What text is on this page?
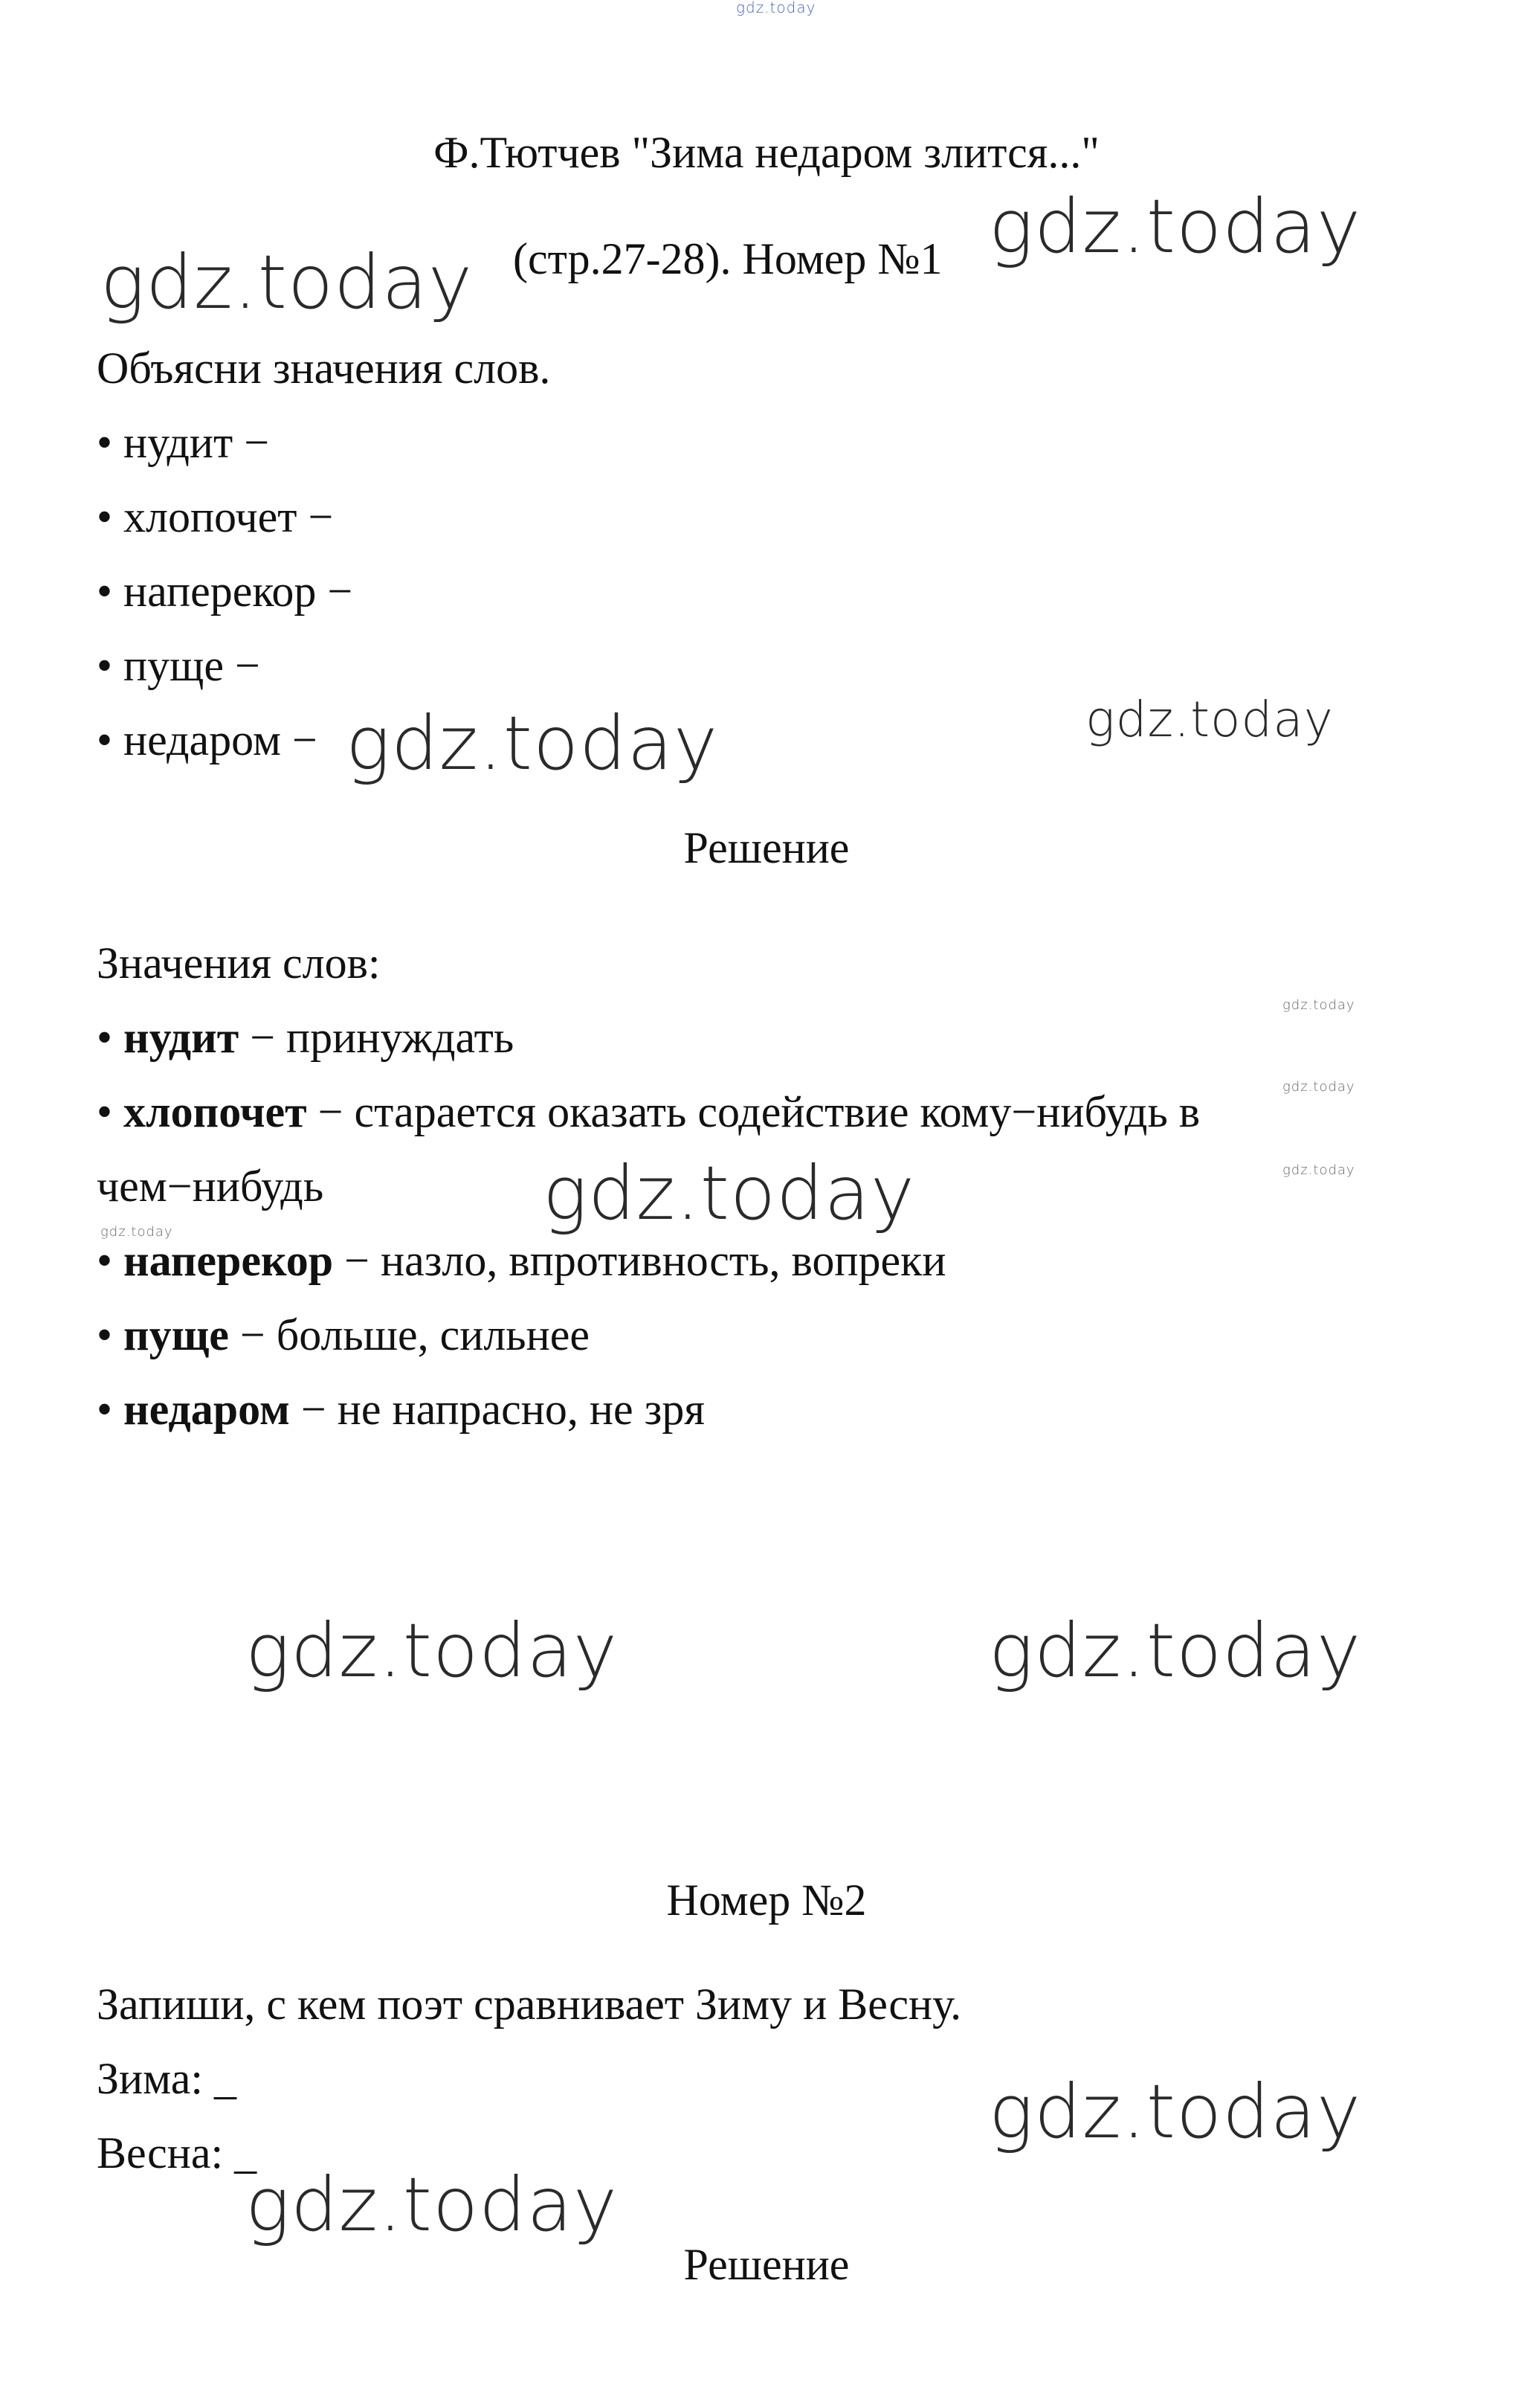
gdz.today
gdz.today
gdz.today
gdz.today	gdz.today
gdz.today
gdz.today
gdz.today
gdz.today	gdz.today
gdz.today	gdz.today
gdz.today
gdz.today
Ф.Тютчев "Зима недаром злится..."
(стр.27-28). Номер №1
Объясни значения слов.
• нудит −
• хлопочет −
• наперекор −
• пуще −
• недаром −
Решение
Значения слов:
• нудит − принуждать
• хлопочет − старается оказать содействие кому−нибудь в
чем−нибудь
• наперекор − назло, впротивность, вопреки
• пуще − больше, сильнее
• недаром − не напрасно, не зря
Номер №2
Запиши, с кем поэт сравнивает Зиму и Весну.
Зима: _
Весна: _
Решение
